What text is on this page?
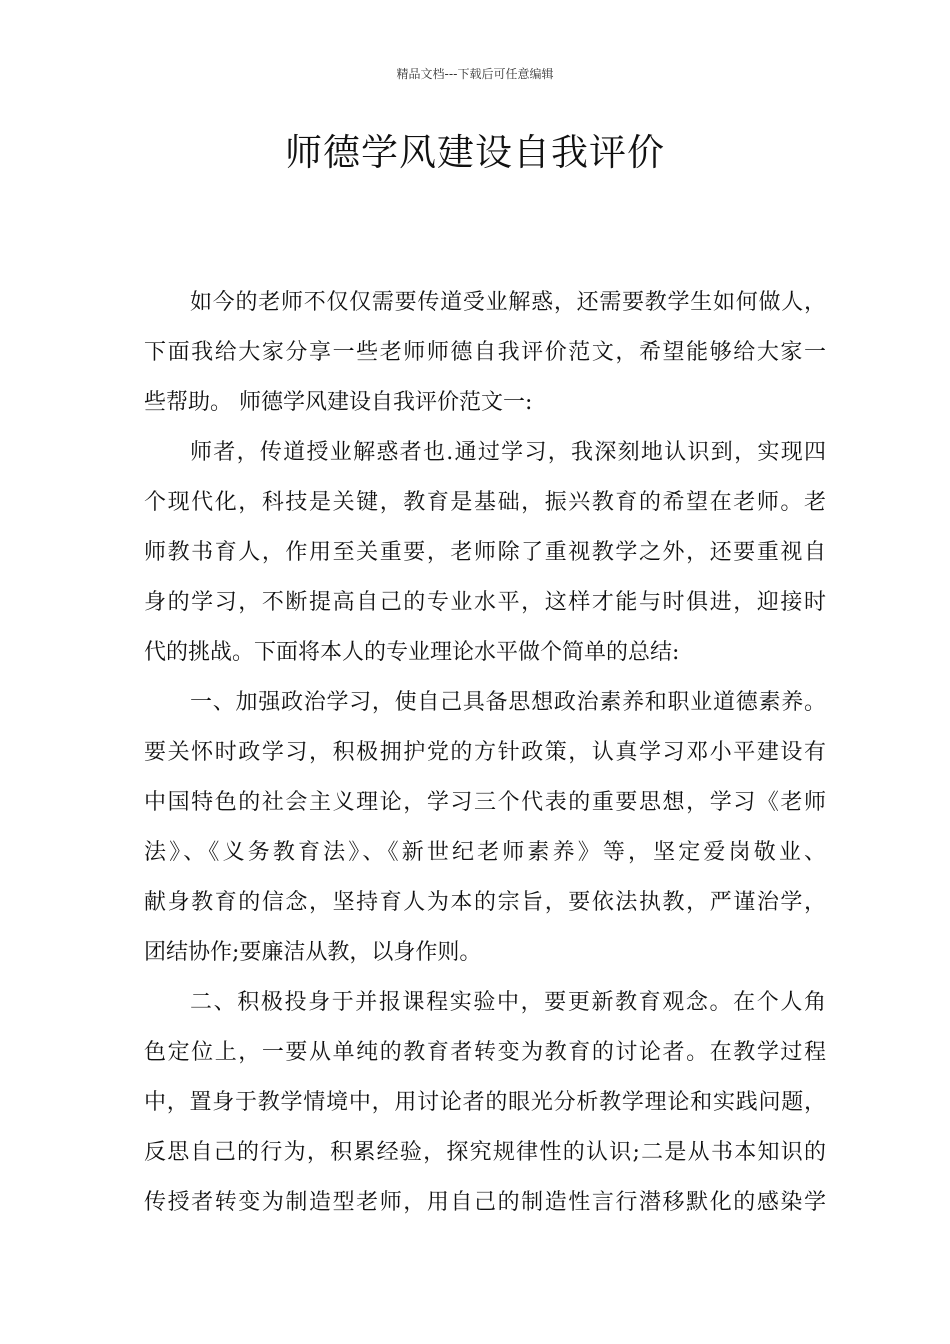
精品文档---下载后可任意编辑
师德学风建设自我评价
如今的老师不仅仅需要传道受业解惑，还需要教学生如何做人，
下面我给大家分享一些老师师德自我评价范文，希望能够给大家一
些帮助。 师德学风建设自我评价范文一:
师者，传道授业解惑者也.通过学习，我深刻地认识到，实现四
个现代化，科技是关键，教育是基础，振兴教育的希望在老师。老
师教书育人，作用至关重要，老师除了重视教学之外，还要重视自
身的学习，不断提高自己的专业水平，这样才能与时俱进，迎接时
代的挑战。下面将本人的专业理论水平做个简单的总结:
一、加强政治学习，使自己具备思想政治素养和职业道德素养。
要关怀时政学习，积极拥护党的方针政策，认真学习邓小平建设有
中国特色的社会主义理论，学习三个代表的重要思想，学习《老师
法》、《义务教育法》、《新世纪老师素养》等，坚定爱岗敬业、
献身教育的信念，坚持育人为本的宗旨，要依法执教，严谨治学，
团结协作;要廉洁从教，以身作则。
二、积极投身于并报课程实验中，要更新教育观念。在个人角
色定位上，一要从单纯的教育者转变为教育的讨论者。在教学过程
中，置身于教学情境中，用讨论者的眼光分析教学理论和实践问题，
反思自己的行为，积累经验，探究规律性的认识;二是从书本知识的
传授者转变为制造型老师，用自己的制造性言行潜移默化的感染学
